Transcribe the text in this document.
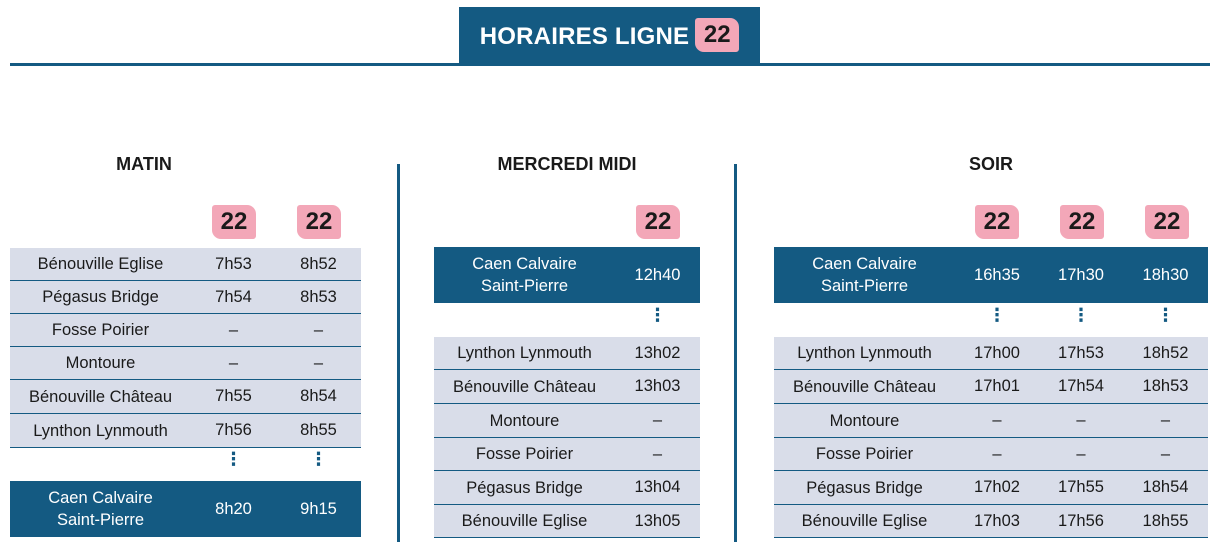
HORAIRES LIGNE 22
MATIN	MERCREDI MIDI	SOIR
22	22
Bénouville Eglise	7h53	8h52
Pégasus Bridge	7h54	8h53
Fosse Poirier	–	–
Montoure	–	–
Bénouville Château	7h55	8h54
Lynthon Lynmouth	7h56	8h55
⋮	⋮
Caen Calvaire
Saint-Pierre
8h20	9h15
22
Caen Calvaire
Saint-Pierre
12h40
⋮
Lynthon Lynmouth	13h02
Bénouville Château	13h03
Montoure	–
Fosse Poirier	–
Pégasus Bridge	13h04
Bénouville Eglise	13h05
22	22	22
Caen Calvaire
Saint-Pierre
16h35	17h30	18h30
⋮	⋮	⋮
Lynthon Lynmouth	17h00	17h53	18h52
Bénouville Château	17h01	17h54	18h53
Montoure	–	–	–
Fosse Poirier	–	–	–
Pégasus Bridge	17h02	17h55	18h54
Bénouville Eglise	17h03	17h56	18h55
